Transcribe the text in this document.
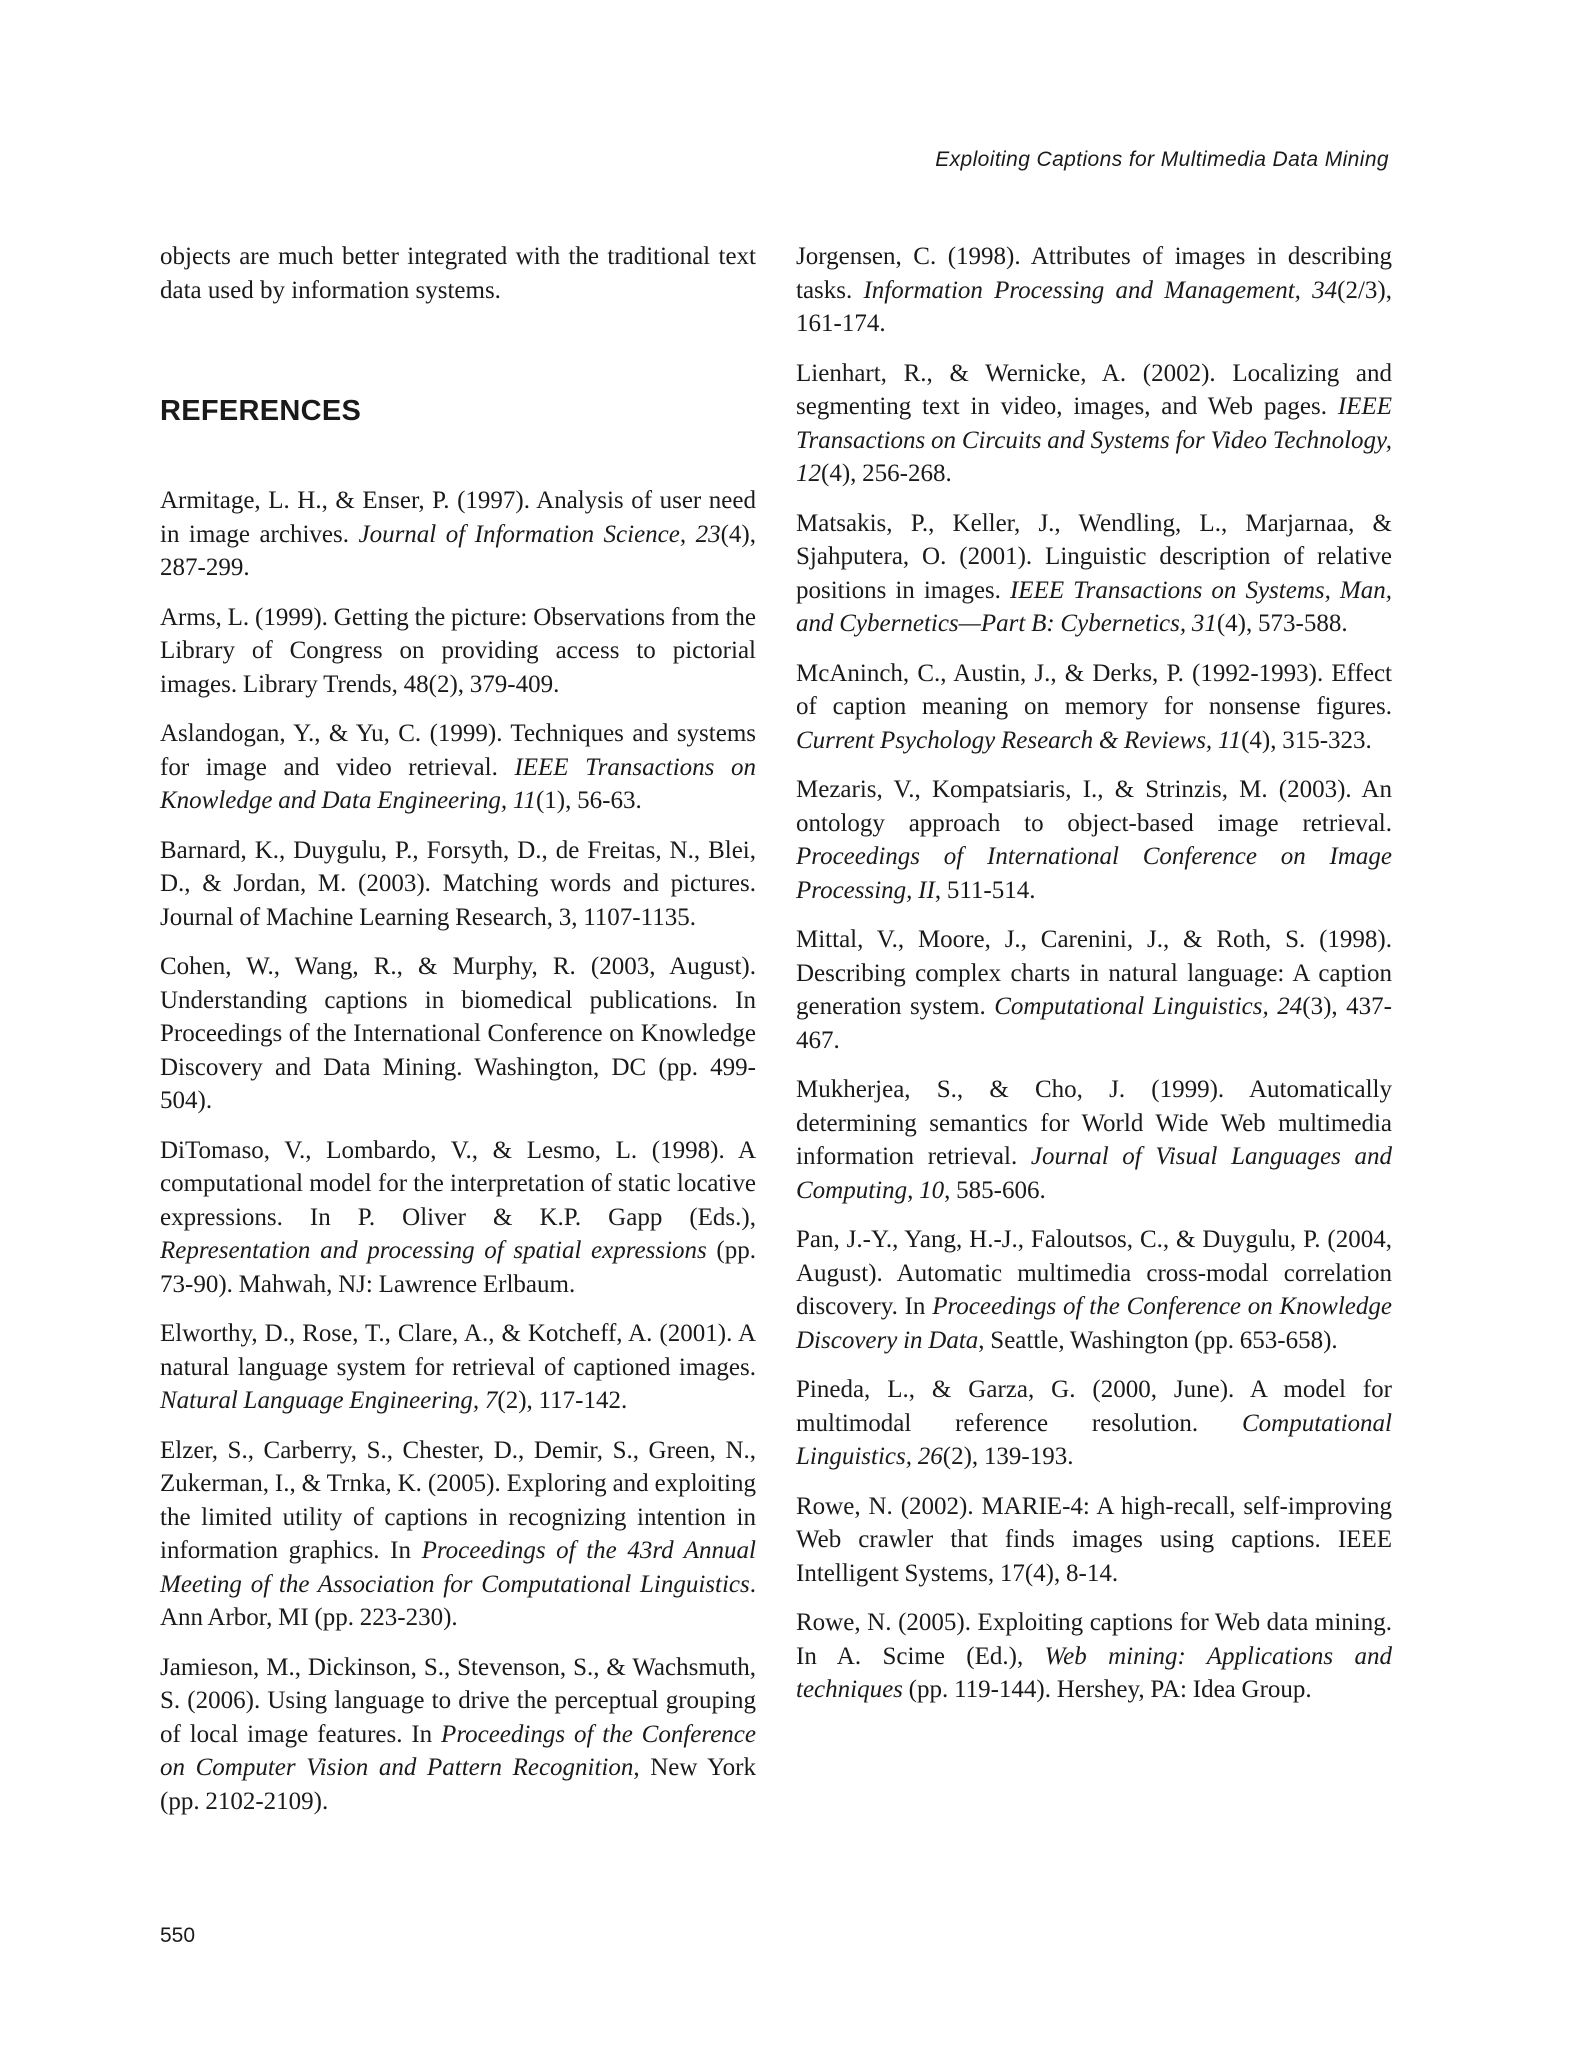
Exploiting Captions for Multimedia Data Mining

objects are much better integrated with the traditional text data used by information systems.

REFERENCES

Armitage, L. H., & Enser, P. (1997). Analysis of user need in image archives. Journal of Information Science, 23(4), 287-299.

Arms, L. (1999). Getting the picture: Observations from the Library of Congress on providing access to pictorial images. Library Trends, 48(2), 379-409.

Aslandogan, Y., & Yu, C. (1999). Techniques and systems for image and video retrieval. IEEE Transactions on Knowledge and Data Engineering, 11(1), 56-63.

Barnard, K., Duygulu, P., Forsyth, D., de Freitas, N., Blei, D., & Jordan, M. (2003). Matching words and pictures. Journal of Machine Learning Research, 3, 1107-1135.

Cohen, W., Wang, R., & Murphy, R. (2003, August). Understanding captions in biomedical publications. In Proceedings of the International Conference on Knowledge Discovery and Data Mining. Washington, DC (pp. 499-504).

DiTomaso, V., Lombardo, V., & Lesmo, L. (1998). A computational model for the interpretation of static locative expressions. In P. Oliver & K.P. Gapp (Eds.), Representation and processing of spatial expressions (pp. 73-90). Mahwah, NJ: Lawrence Erlbaum.

Elworthy, D., Rose, T., Clare, A., & Kotcheff, A. (2001). A natural language system for retrieval of captioned images. Natural Language Engineering, 7(2), 117-142.

Elzer, S., Carberry, S., Chester, D., Demir, S., Green, N., Zukerman, I., & Trnka, K. (2005). Exploring and exploiting the limited utility of captions in recognizing intention in information graphics. In Proceedings of the 43rd Annual Meeting of the Association for Computational Linguistics. Ann Arbor, MI (pp. 223-230).

Jamieson, M., Dickinson, S., Stevenson, S., & Wachsmuth, S. (2006). Using language to drive the perceptual grouping of local image features. In Proceedings of the Conference on Computer Vision and Pattern Recognition, New York (pp. 2102-2109).

Jorgensen, C. (1998). Attributes of images in describing tasks. Information Processing and Management, 34(2/3), 161-174.

Lienhart, R., & Wernicke, A. (2002). Localizing and segmenting text in video, images, and Web pages. IEEE Transactions on Circuits and Systems for Video Technology, 12(4), 256-268.

Matsakis, P., Keller, J., Wendling, L., Marjarnaa, & Sjahputera, O. (2001). Linguistic description of relative positions in images. IEEE Transactions on Systems, Man, and Cybernetics—Part B: Cybernetics, 31(4), 573-588.

McAninch, C., Austin, J., & Derks, P. (1992-1993). Effect of caption meaning on memory for nonsense figures. Current Psychology Research & Reviews, 11(4), 315-323.

Mezaris, V., Kompatsiaris, I., & Strinzis, M. (2003). An ontology approach to object-based image retrieval. Proceedings of International Conference on Image Processing, II, 511-514.

Mittal, V., Moore, J., Carenini, J., & Roth, S. (1998). Describing complex charts in natural language: A caption generation system. Computational Linguistics, 24(3), 437-467.

Mukherjea, S., & Cho, J. (1999). Automatically determining semantics for World Wide Web multimedia information retrieval. Journal of Visual Languages and Computing, 10, 585-606.

Pan, J.-Y., Yang, H.-J., Faloutsos, C., & Duygulu, P. (2004, August). Automatic multimedia cross-modal correlation discovery. In Proceedings of the Conference on Knowledge Discovery in Data, Seattle, Washington (pp. 653-658).

Pineda, L., & Garza, G. (2000, June). A model for multimodal reference resolution. Computational Linguistics, 26(2), 139-193.

Rowe, N. (2002). MARIE-4: A high-recall, self-improving Web crawler that finds images using captions. IEEE Intelligent Systems, 17(4), 8-14.

Rowe, N. (2005). Exploiting captions for Web data mining. In A. Scime (Ed.), Web mining: Applications and techniques (pp. 119-144). Hershey, PA: Idea Group.

550
